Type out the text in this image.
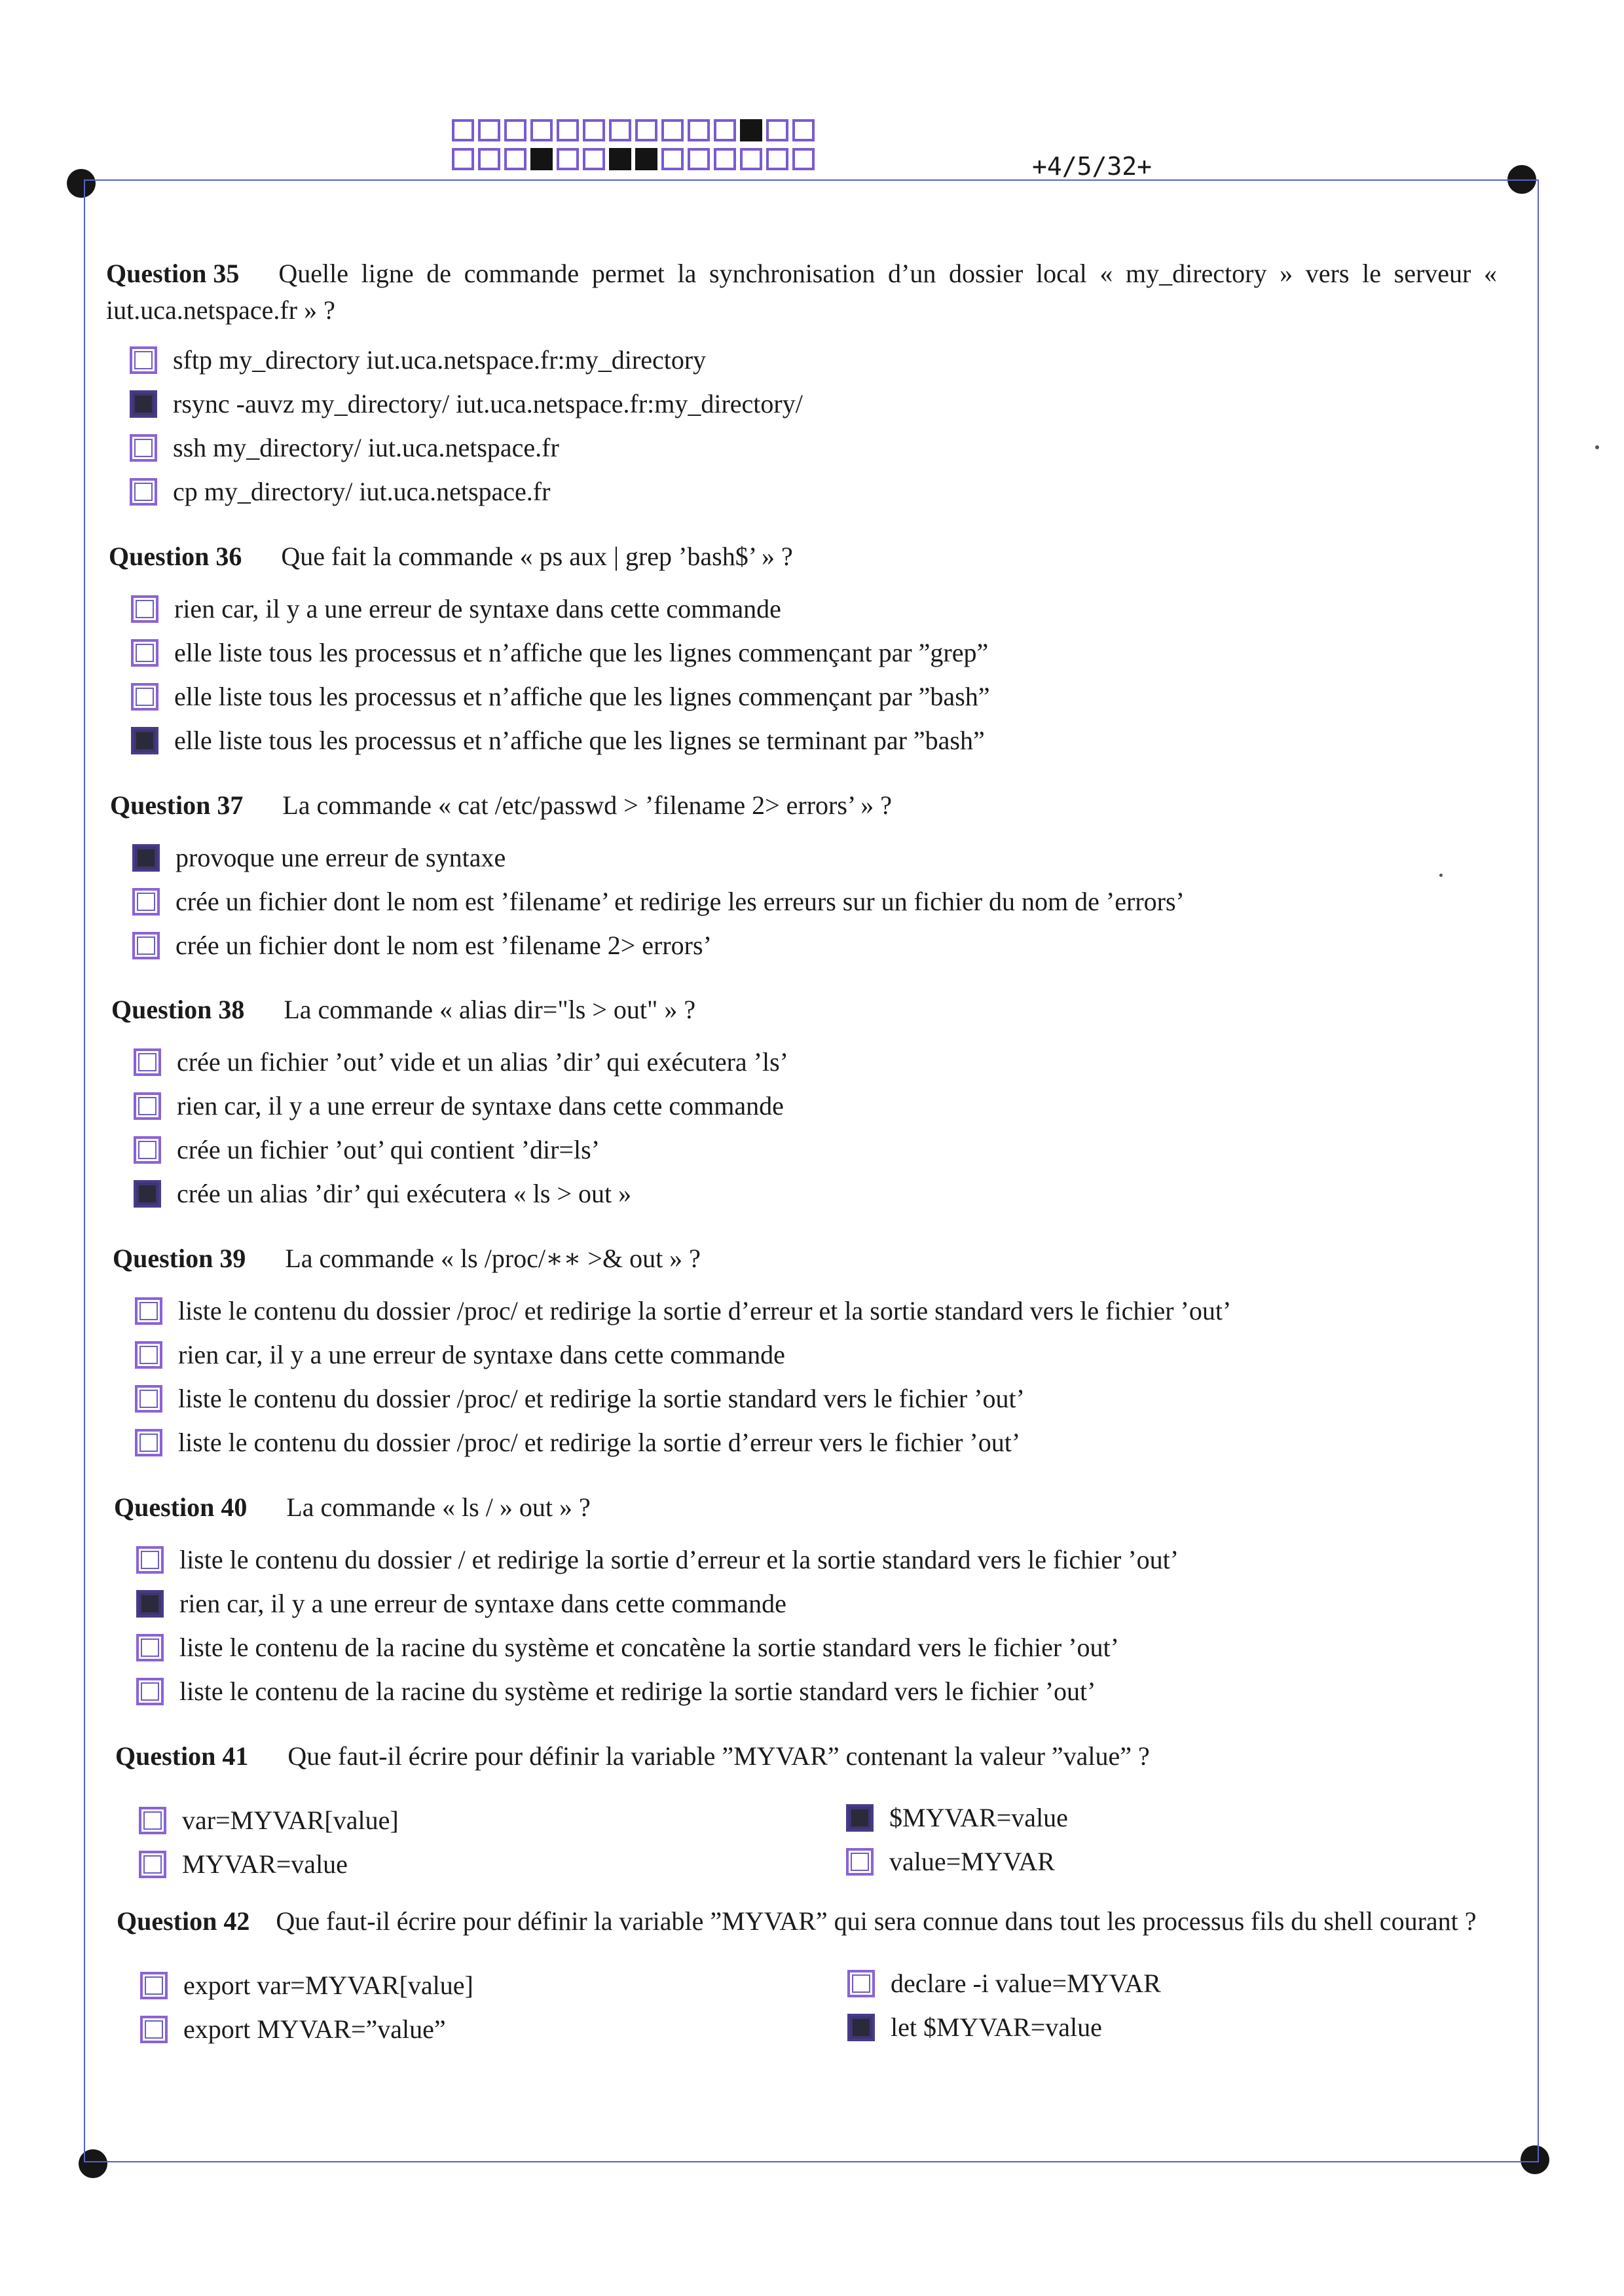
+4/5/32+
Question 35 Quelle ligne de commande permet la synchronisation d’un dossier local « my_directory » vers le serveur « iut.uca.netspace.fr » ?
sftp my_directory iut.uca.netspace.fr:my_directory
rsync -auvz my_directory/ iut.uca.netspace.fr:my_directory/
ssh my_directory/ iut.uca.netspace.fr
cp my_directory/ iut.uca.netspace.fr
Question 36 Que fait la commande « ps aux | grep ’bash$’ » ?
rien car, il y a une erreur de syntaxe dans cette commande
elle liste tous les processus et n’affiche que les lignes commençant par ”grep”
elle liste tous les processus et n’affiche que les lignes commençant par ”bash”
elle liste tous les processus et n’affiche que les lignes se terminant par ”bash”
Question 37 La commande « cat /etc/passwd > ’filename 2> errors’ » ?
provoque une erreur de syntaxe
crée un fichier dont le nom est ’filename’ et redirige les erreurs sur un fichier du nom de ’errors’
crée un fichier dont le nom est ’filename 2> errors’
Question 38 La commande « alias dir="ls > out" » ?
crée un fichier ’out’ vide et un alias ’dir’ qui exécutera ’ls’
rien car, il y a une erreur de syntaxe dans cette commande
crée un fichier ’out’ qui contient ’dir=ls’
crée un alias ’dir’ qui exécutera « ls > out »
Question 39 La commande « ls /proc/∗∗ >& out » ?
liste le contenu du dossier /proc/ et redirige la sortie d’erreur et la sortie standard vers le fichier ’out’
rien car, il y a une erreur de syntaxe dans cette commande
liste le contenu du dossier /proc/ et redirige la sortie standard vers le fichier ’out’
liste le contenu du dossier /proc/ et redirige la sortie d’erreur vers le fichier ’out’
Question 40 La commande « ls / » out » ?
liste le contenu du dossier / et redirige la sortie d’erreur et la sortie standard vers le fichier ’out’
rien car, il y a une erreur de syntaxe dans cette commande
liste le contenu de la racine du système et concatène la sortie standard vers le fichier ’out’
liste le contenu de la racine du système et redirige la sortie standard vers le fichier ’out’
Question 41 Que faut-il écrire pour définir la variable ”MYVAR” contenant la valeur ”value” ?
var=MYVAR[value]
MYVAR=value
$MYVAR=value
value=MYVAR
Question 42 Que faut-il écrire pour définir la variable ”MYVAR” qui sera connue dans tout les processus fils du shell courant ?
export var=MYVAR[value]
export MYVAR=”value”
declare -i value=MYVAR
let $MYVAR=value
